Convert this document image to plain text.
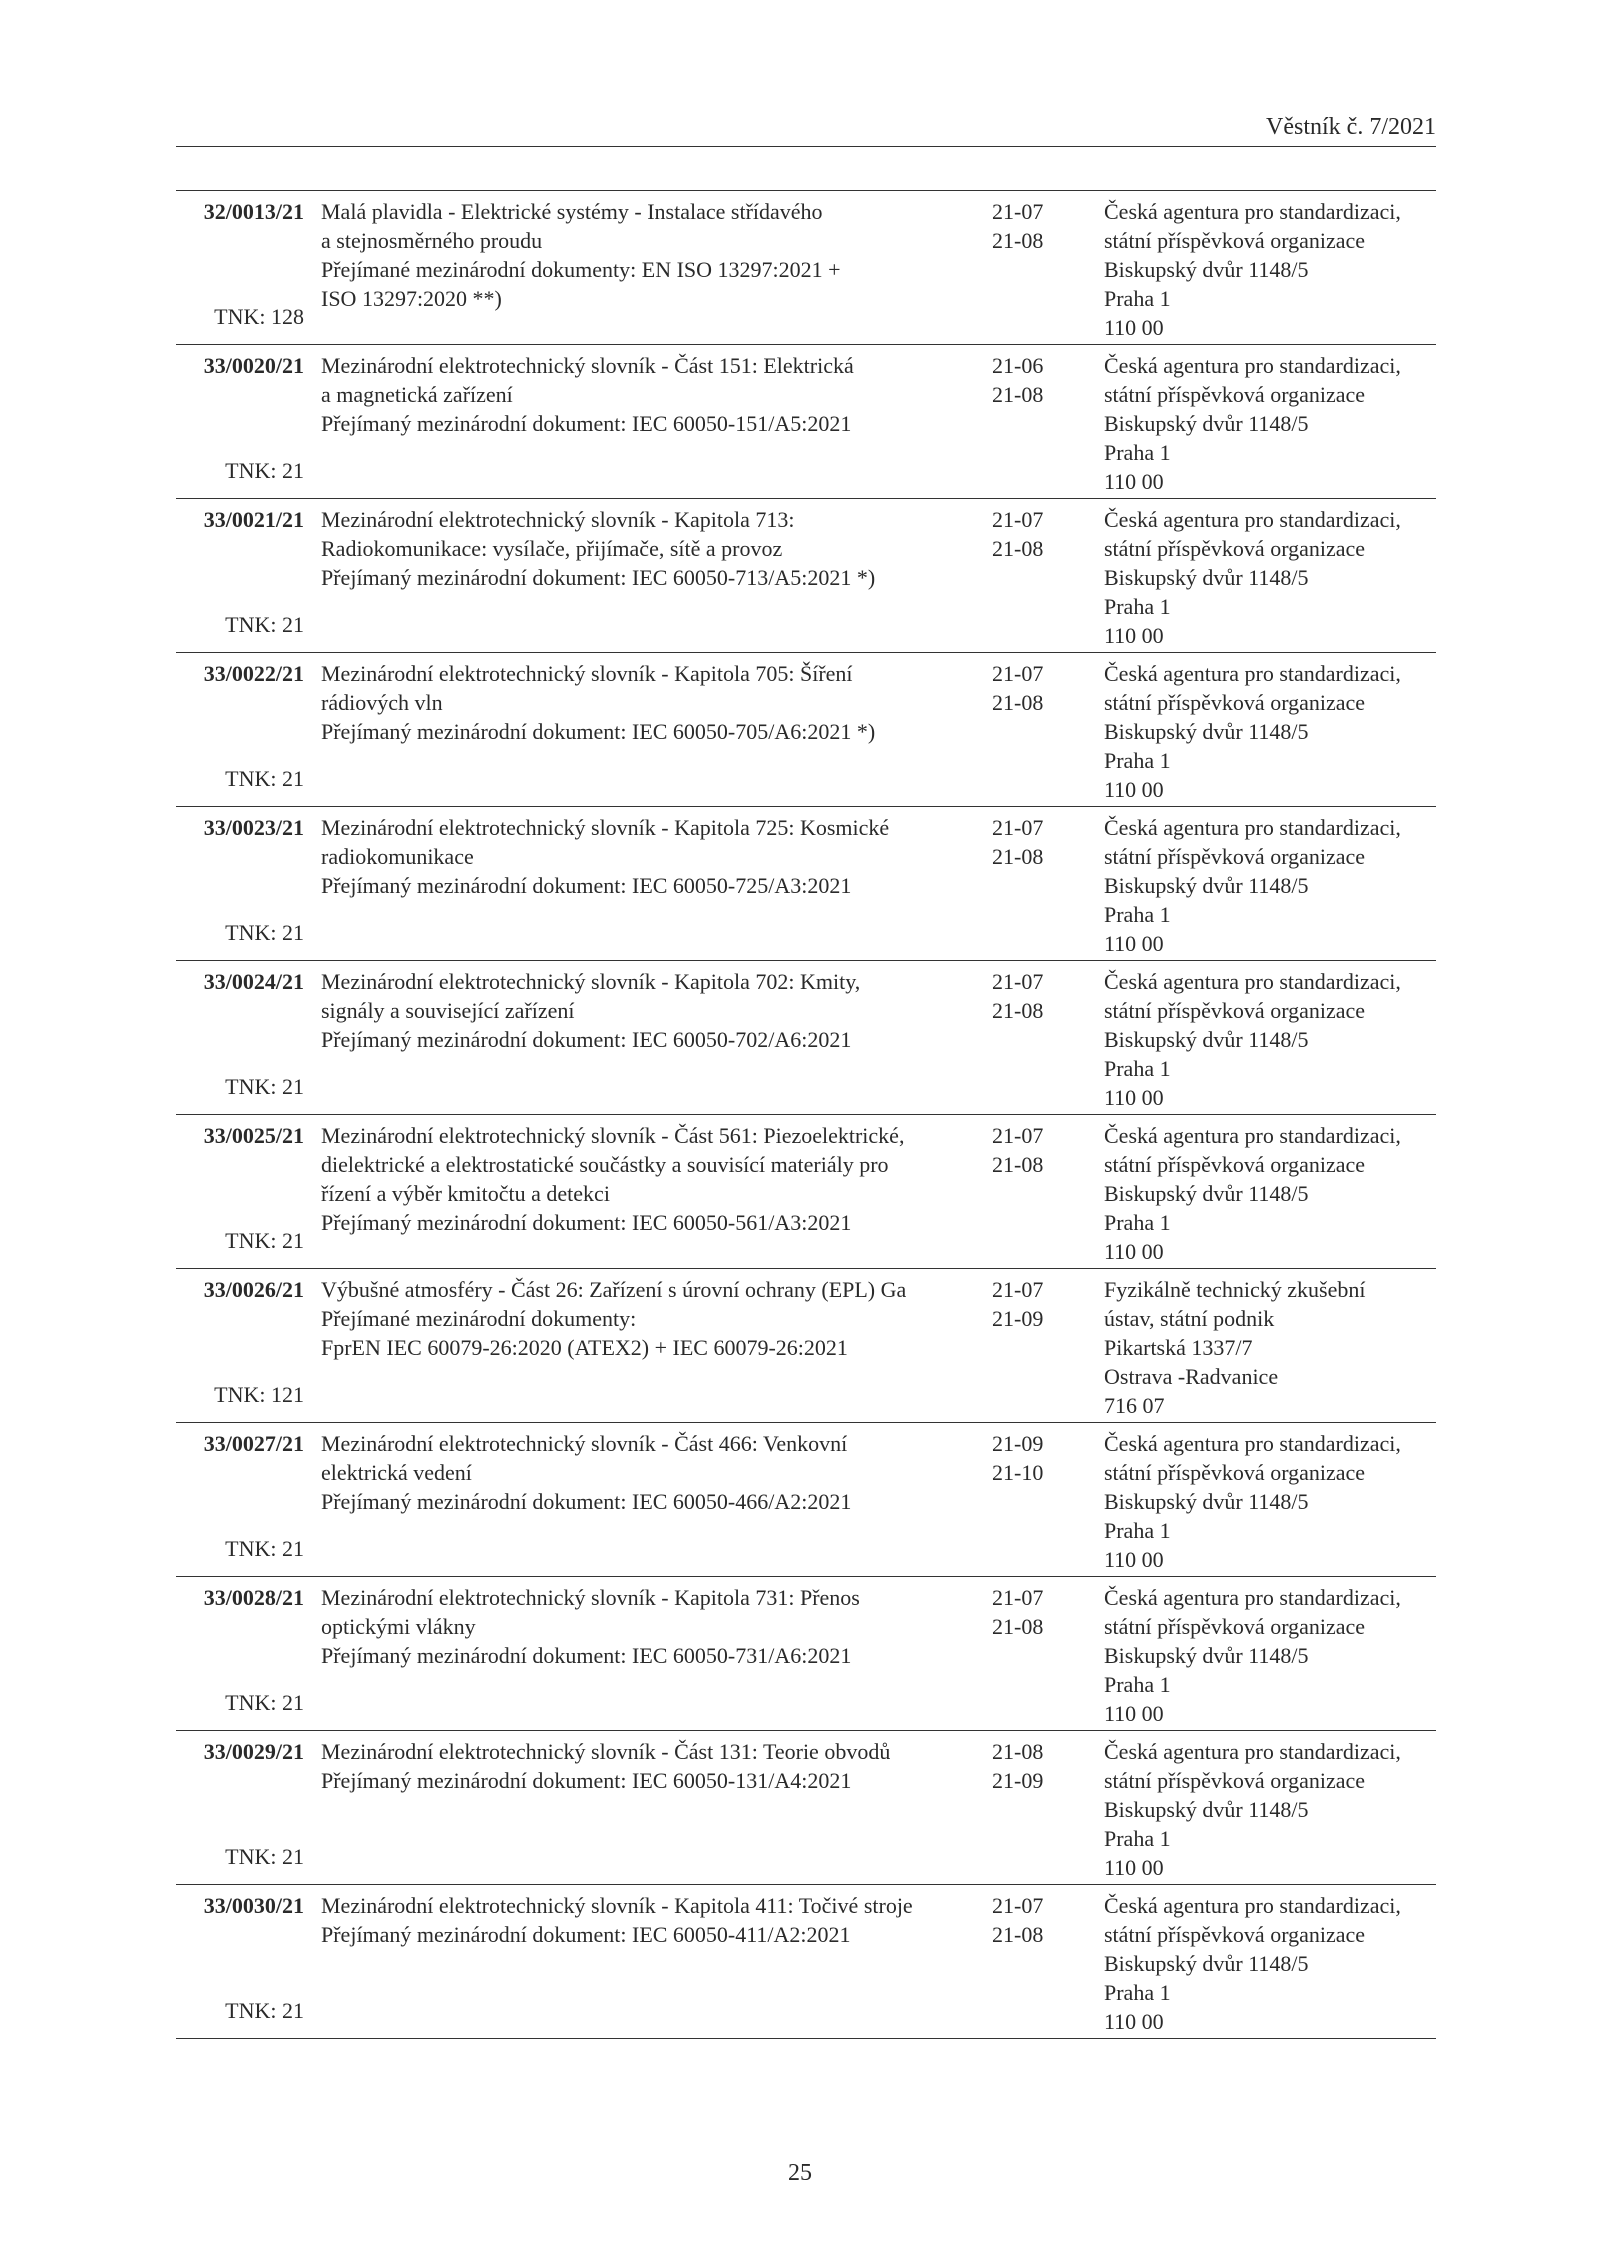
Věstník č. 7/2021
32/0013/21
TNK: 128
Malá plavidla - Elektrické systémy - Instalace střídavého
a stejnosměrného proudu
Přejímané mezinárodní dokumenty: EN ISO 13297:2021 +
ISO 13297:2020 **)
21-07
21-08
Česká agentura pro standardizaci,
státní příspěvková organizace
Biskupský dvůr 1148/5
Praha 1
110 00
33/0020/21
TNK: 21
Mezinárodní elektrotechnický slovník - Část 151: Elektrická
a magnetická zařízení
Přejímaný mezinárodní dokument: IEC 60050-151/A5:2021
21-06
21-08
Česká agentura pro standardizaci,
státní příspěvková organizace
Biskupský dvůr 1148/5
Praha 1
110 00
33/0021/21
TNK: 21
Mezinárodní elektrotechnický slovník - Kapitola 713:
Radiokomunikace: vysílače, přijímače, sítě a provoz
Přejímaný mezinárodní dokument: IEC 60050-713/A5:2021 *)
21-07
21-08
Česká agentura pro standardizaci,
státní příspěvková organizace
Biskupský dvůr 1148/5
Praha 1
110 00
33/0022/21
TNK: 21
Mezinárodní elektrotechnický slovník - Kapitola 705: Šíření
rádiových vln
Přejímaný mezinárodní dokument: IEC 60050-705/A6:2021 *)
21-07
21-08
Česká agentura pro standardizaci,
státní příspěvková organizace
Biskupský dvůr 1148/5
Praha 1
110 00
33/0023/21
TNK: 21
Mezinárodní elektrotechnický slovník - Kapitola 725: Kosmické
radiokomunikace
Přejímaný mezinárodní dokument: IEC 60050-725/A3:2021
21-07
21-08
Česká agentura pro standardizaci,
státní příspěvková organizace
Biskupský dvůr 1148/5
Praha 1
110 00
33/0024/21
TNK: 21
Mezinárodní elektrotechnický slovník - Kapitola 702: Kmity,
signály a související zařízení
Přejímaný mezinárodní dokument: IEC 60050-702/A6:2021
21-07
21-08
Česká agentura pro standardizaci,
státní příspěvková organizace
Biskupský dvůr 1148/5
Praha 1
110 00
33/0025/21
TNK: 21
Mezinárodní elektrotechnický slovník - Část 561: Piezoelektrické,
dielektrické a elektrostatické součástky a souvisící materiály pro
řízení a výběr kmitočtu a detekci
Přejímaný mezinárodní dokument: IEC 60050-561/A3:2021
21-07
21-08
Česká agentura pro standardizaci,
státní příspěvková organizace
Biskupský dvůr 1148/5
Praha 1
110 00
33/0026/21
TNK: 121
Výbušné atmosféry - Část 26: Zařízení s úrovní ochrany (EPL) Ga
Přejímané mezinárodní dokumenty:
FprEN IEC 60079-26:2020 (ATEX2) + IEC 60079-26:2021
21-07
21-09
Fyzikálně technický zkušební
ústav, státní podnik
Pikartská 1337/7
Ostrava -Radvanice
716 07
33/0027/21
TNK: 21
Mezinárodní elektrotechnický slovník - Část 466: Venkovní
elektrická vedení
Přejímaný mezinárodní dokument: IEC 60050-466/A2:2021
21-09
21-10
Česká agentura pro standardizaci,
státní příspěvková organizace
Biskupský dvůr 1148/5
Praha 1
110 00
33/0028/21
TNK: 21
Mezinárodní elektrotechnický slovník - Kapitola 731: Přenos
optickými vlákny
Přejímaný mezinárodní dokument: IEC 60050-731/A6:2021
21-07
21-08
Česká agentura pro standardizaci,
státní příspěvková organizace
Biskupský dvůr 1148/5
Praha 1
110 00
33/0029/21
TNK: 21
Mezinárodní elektrotechnický slovník - Část 131: Teorie obvodů
Přejímaný mezinárodní dokument: IEC 60050-131/A4:2021
21-08
21-09
Česká agentura pro standardizaci,
státní příspěvková organizace
Biskupský dvůr 1148/5
Praha 1
110 00
33/0030/21
TNK: 21
Mezinárodní elektrotechnický slovník - Kapitola 411: Točivé stroje
Přejímaný mezinárodní dokument: IEC 60050-411/A2:2021
21-07
21-08
Česká agentura pro standardizaci,
státní příspěvková organizace
Biskupský dvůr 1148/5
Praha 1
110 00
25
